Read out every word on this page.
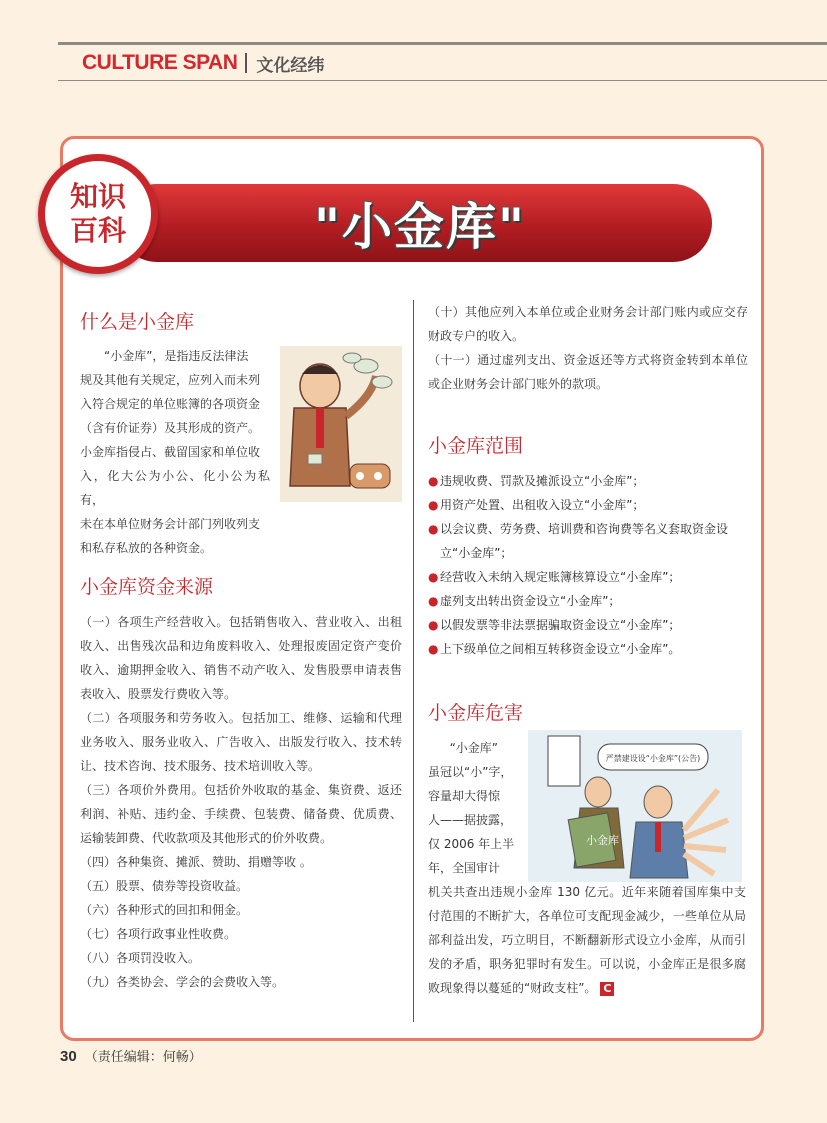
CULTURE SPAN 文化经纬
"小金库"
知识
百科
什么是小金库

“小金库”，是指违反法律法

规及其他有关规定，应列入而未列

入符合规定的单位账簿的各项资金

（含有价证券）及其形成的资产。

小金库指侵占、截留国家和单位收

入，化大公为小公、化小公为私有，

未在本单位财务会计部门列收列支

和私存私放的各种资金。

小金库资金来源

（一）各项生产经营收入。包括销售收入、营业收入、出租收入、出售残次品和边角废料收入、处理报废固定资产变价收入、逾期押金收入、销售不动产收入、发售股票申请表售表收入、股票发行费收入等。

（二）各项服务和劳务收入。包括加工、维修、运输和代理业务收入、服务业收入、广告收入、出版发行收入、技术转让、技术咨询、技术服务、技术培训收入等。

（三）各项价外费用。包括价外收取的基金、集资费、返还利润、补贴、违约金、手续费、包装费、储备费、优质费、运输装卸费、代收款项及其他形式的价外收费。

（四）各种集资、摊派、赞助、捐赠等收 。

（五）股票、债券等投资收益。

（六）各种形式的回扣和佣金。

（七）各项行政事业性收费。

（八）各项罚没收入。

（九）各类协会、学会的会费收入等。

（十）其他应列入本单位或企业财务会计部门账内或应交存财政专户的收入。

（十一）通过虚列支出、资金返还等方式将资金转到本单位或企业财务会计部门账外的款项。

小金库范围
● 违规收费、罚款及摊派设立“小金库”；
● 用资产处置、出租收入设立“小金库”；
● 以会议费、劳务费、培训费和咨询费等名义套取资金设立“小金库”；
● 经营收入未纳入规定账簿核算设立“小金库”；
● 虚列支出转出资金设立“小金库”；
● 以假发票等非法票据骗取资金设立“小金库”；
● 上下级单位之间相互转移资金设立“小金库”。
小金库危害

“小金库”

虽冠以“小”字，

容量却大得惊

人——据披露，

仅 2006 年上半

年，全国审计

严禁建设设“小金库”(公告)
小金库

机关共查出违规小金库 130 亿元。近年来随着国库集中支付范围的不断扩大，各单位可支配现金减少，一些单位从局部利益出发，巧立明目，不断翻新形式设立小金库，从而引发的矛盾，职务犯罪时有发生。可以说，小金库正是很多腐败现象得以蔓延的“财政支柱”。 C

30 （责任编辑：何畅）
